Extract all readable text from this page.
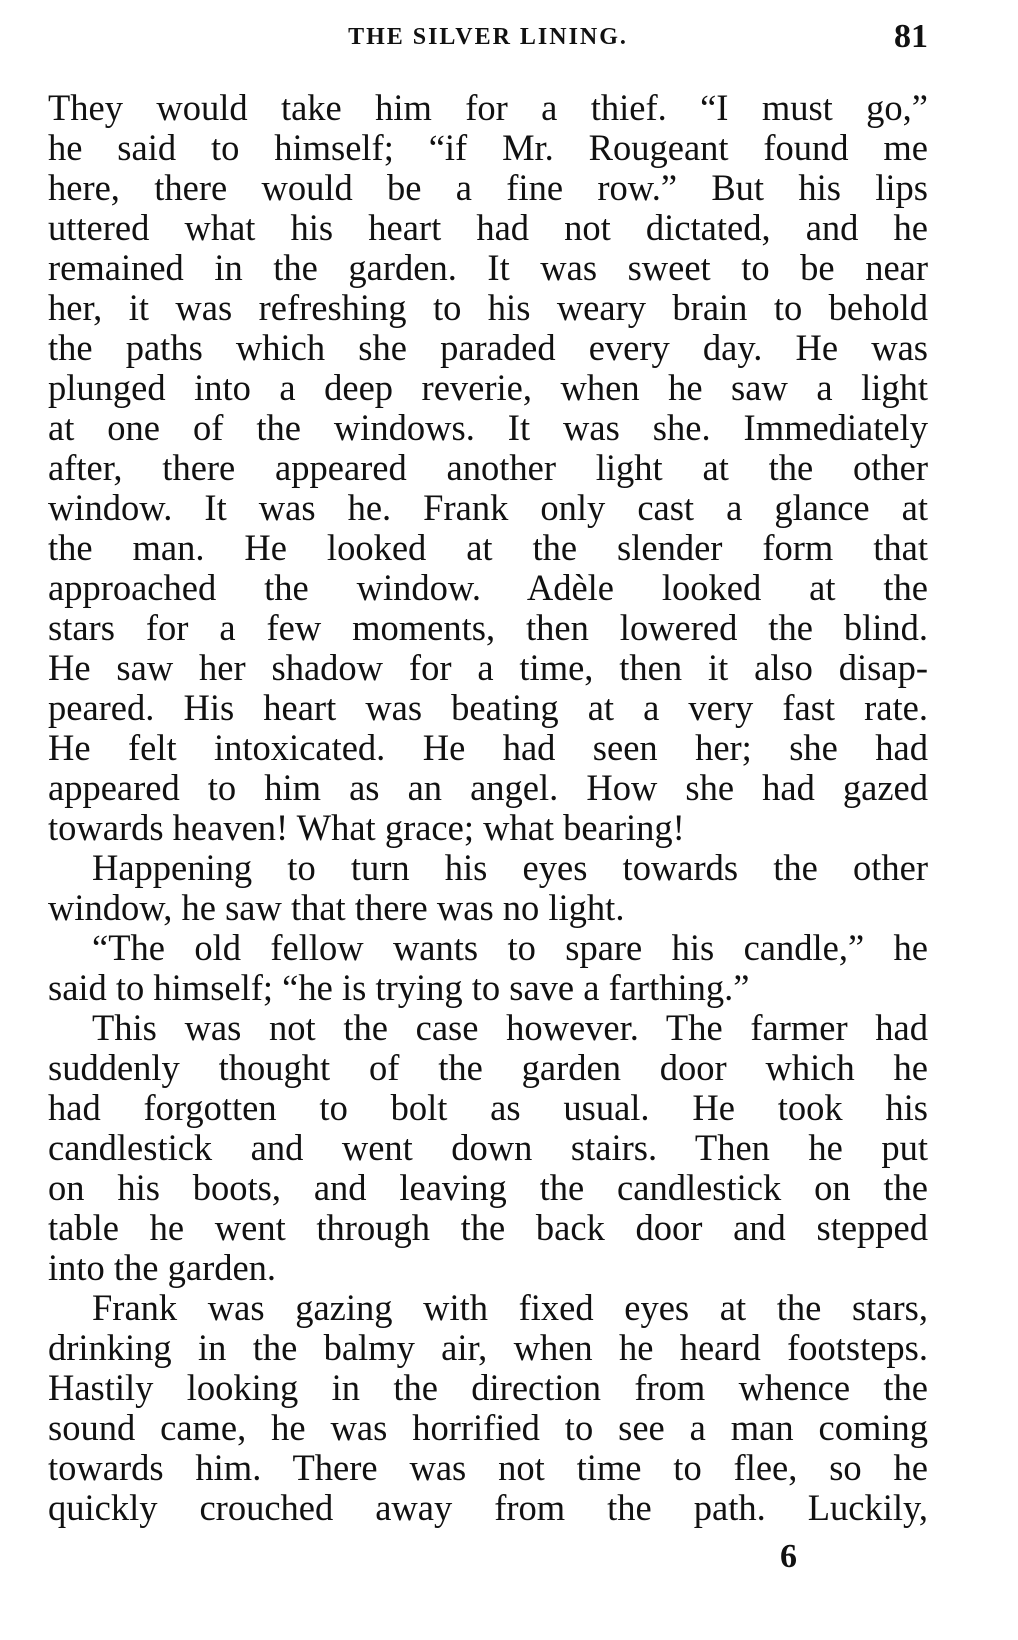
THE SILVER LINING.	81
They would take him for a thief. “I must go,”
he said to himself; “if Mr. Rougeant found me
here, there would be a fine row.” But his lips
uttered what his heart had not dictated, and he
remained in the garden. It was sweet to be near
her, it was refreshing to his weary brain to behold
the paths which she paraded every day. He was
plunged into a deep reverie, when he saw a light
at one of the windows. It was she. Immediately
after, there appeared another light at the other
window. It was he. Frank only cast a glance at
the man. He looked at the slender form that
approached the window. Adèle looked at the
stars for a few moments, then lowered the blind.
He saw her shadow for a time, then it also disap-
peared. His heart was beating at a very fast rate.
He felt intoxicated. He had seen her; she had
appeared to him as an angel. How she had gazed
towards heaven! What grace; what bearing!
Happening to turn his eyes towards the other
window, he saw that there was no light.
“The old fellow wants to spare his candle,” he
said to himself; “he is trying to save a farthing.”
This was not the case however. The farmer had
suddenly thought of the garden door which he
had forgotten to bolt as usual. He took his
candlestick and went down stairs. Then he put
on his boots, and leaving the candlestick on the
table he went through the back door and stepped
into the garden.
Frank was gazing with fixed eyes at the stars,
drinking in the balmy air, when he heard footsteps.
Hastily looking in the direction from whence the
sound came, he was horrified to see a man coming
towards him. There was not time to flee, so he
quickly crouched away from the path. Luckily,
6
